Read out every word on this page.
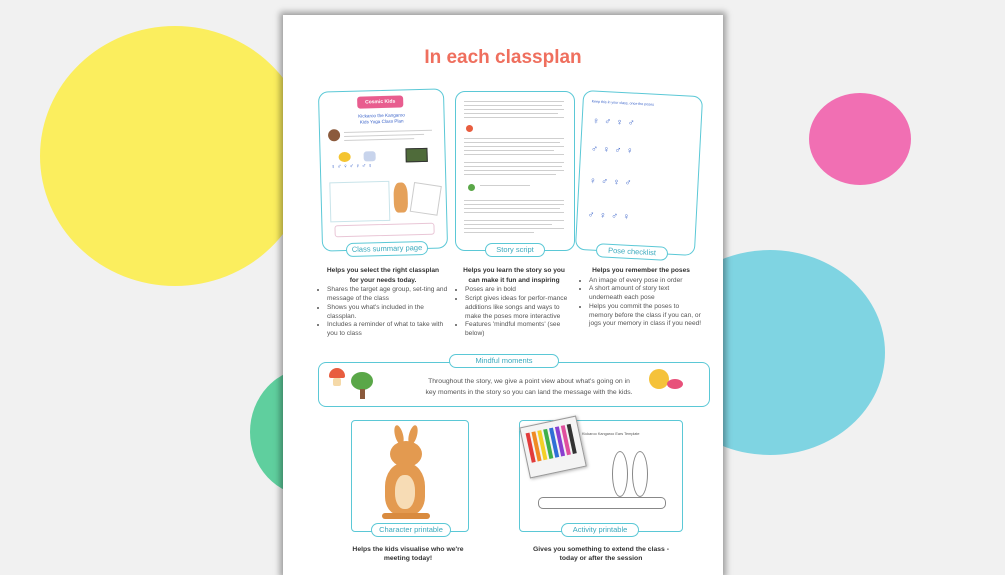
In each classplan
Cosmic Kids
Kickaroo the Kangaroo
Kids Yoga Class Plan
♀ ♂ ♀ ♂ ♀ ♂ ♀
Class summary page	Story script
Keep this in your class, once the poses
♀  ♂  ♀  ♂
♂  ♀  ♂  ♀
♀  ♂  ♀  ♂
♂  ♀  ♂  ♀
Pose checklist
Helps you select the right classplan
for your needs today.
• Shares the target age group, set-ting and message of the class
• Shows you what's included in the classplan.
• Includes a reminder of what to take with you to class
Helps you learn the story so you
can make it fun and inspiring
• Poses are in bold
• Script gives ideas for perfor-mance additions like songs and ways to make the poses more interactive
• Features 'mindful moments' (see below)
Helps you remember the poses
• An image of every pose in order
• A short amount of story text underneath each pose
• Helps you commit the poses to memory before the class if you can, or jogs your memory in class if you need!
Throughout the story, we give a point view about what's going on in
key moments in the story so you can land the message with the kids.
Mindful moments
Character printable
Helps the kids visualise who we're
meeting today!
Kickaroo Kangaroo Ears Template
Activity printable
Gives you something to extend the class -
today or after the session
